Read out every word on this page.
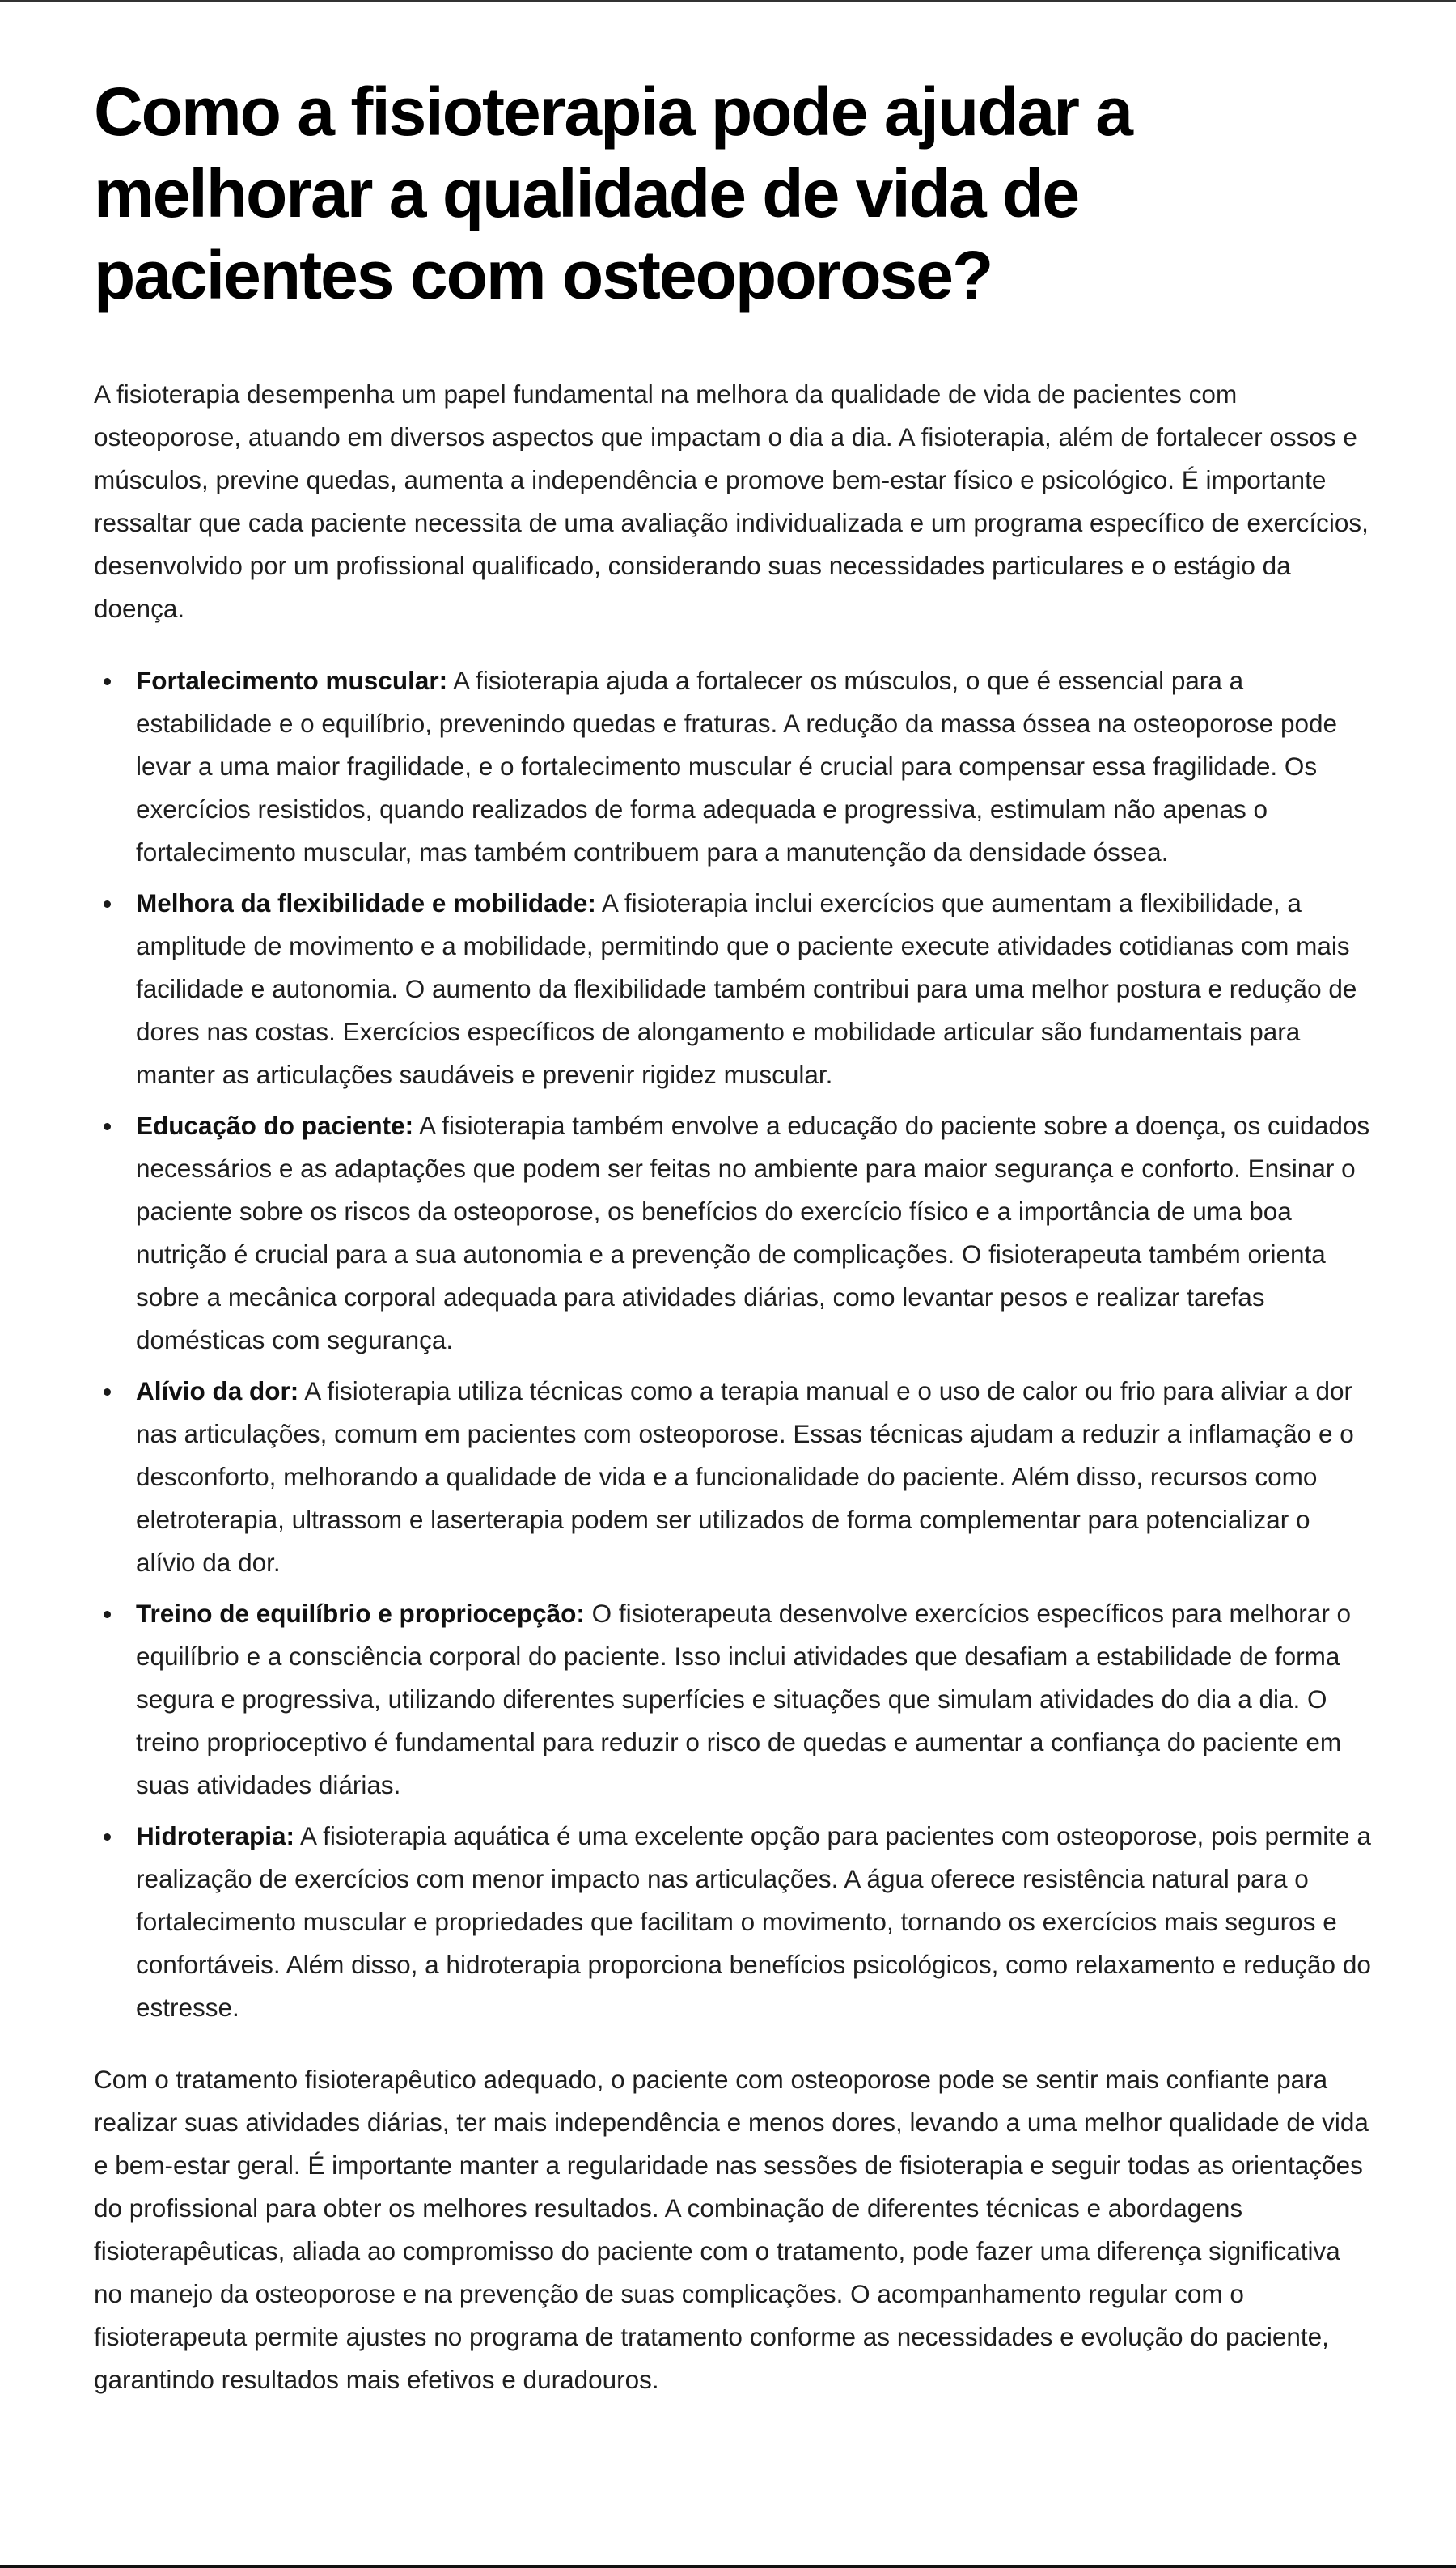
Como a fisioterapia pode ajudar a melhorar a qualidade de vida de pacientes com osteoporose?

A fisioterapia desempenha um papel fundamental na melhora da qualidade de vida de pacientes com osteoporose, atuando em diversos aspectos que impactam o dia a dia. A fisioterapia, além de fortalecer ossos e músculos, previne quedas, aumenta a independência e promove bem-estar físico e psicológico. É importante ressaltar que cada paciente necessita de uma avaliação individualizada e um programa específico de exercícios, desenvolvido por um profissional qualificado, considerando suas necessidades particulares e o estágio da doença.

Fortalecimento muscular: A fisioterapia ajuda a fortalecer os músculos, o que é essencial para a estabilidade e o equilíbrio, prevenindo quedas e fraturas. A redução da massa óssea na osteoporose pode levar a uma maior fragilidade, e o fortalecimento muscular é crucial para compensar essa fragilidade. Os exercícios resistidos, quando realizados de forma adequada e progressiva, estimulam não apenas o fortalecimento muscular, mas também contribuem para a manutenção da densidade óssea.
Melhora da flexibilidade e mobilidade: A fisioterapia inclui exercícios que aumentam a flexibilidade, a amplitude de movimento e a mobilidade, permitindo que o paciente execute atividades cotidianas com mais facilidade e autonomia. O aumento da flexibilidade também contribui para uma melhor postura e redução de dores nas costas. Exercícios específicos de alongamento e mobilidade articular são fundamentais para manter as articulações saudáveis e prevenir rigidez muscular.
Educação do paciente: A fisioterapia também envolve a educação do paciente sobre a doença, os cuidados necessários e as adaptações que podem ser feitas no ambiente para maior segurança e conforto. Ensinar o paciente sobre os riscos da osteoporose, os benefícios do exercício físico e a importância de uma boa nutrição é crucial para a sua autonomia e a prevenção de complicações. O fisioterapeuta também orienta sobre a mecânica corporal adequada para atividades diárias, como levantar pesos e realizar tarefas domésticas com segurança.
Alívio da dor: A fisioterapia utiliza técnicas como a terapia manual e o uso de calor ou frio para aliviar a dor nas articulações, comum em pacientes com osteoporose. Essas técnicas ajudam a reduzir a inflamação e o desconforto, melhorando a qualidade de vida e a funcionalidade do paciente. Além disso, recursos como eletroterapia, ultrassom e laserterapia podem ser utilizados de forma complementar para potencializar o alívio da dor.
Treino de equilíbrio e propriocepção: O fisioterapeuta desenvolve exercícios específicos para melhorar o equilíbrio e a consciência corporal do paciente. Isso inclui atividades que desafiam a estabilidade de forma segura e progressiva, utilizando diferentes superfícies e situações que simulam atividades do dia a dia. O treino proprioceptivo é fundamental para reduzir o risco de quedas e aumentar a confiança do paciente em suas atividades diárias.
Hidroterapia: A fisioterapia aquática é uma excelente opção para pacientes com osteoporose, pois permite a realização de exercícios com menor impacto nas articulações. A água oferece resistência natural para o fortalecimento muscular e propriedades que facilitam o movimento, tornando os exercícios mais seguros e confortáveis. Além disso, a hidroterapia proporciona benefícios psicológicos, como relaxamento e redução do estresse.

Com o tratamento fisioterapêutico adequado, o paciente com osteoporose pode se sentir mais confiante para realizar suas atividades diárias, ter mais independência e menos dores, levando a uma melhor qualidade de vida e bem-estar geral. É importante manter a regularidade nas sessões de fisioterapia e seguir todas as orientações do profissional para obter os melhores resultados. A combinação de diferentes técnicas e abordagens fisioterapêuticas, aliada ao compromisso do paciente com o tratamento, pode fazer uma diferença significativa no manejo da osteoporose e na prevenção de suas complicações. O acompanhamento regular com o fisioterapeuta permite ajustes no programa de tratamento conforme as necessidades e evolução do paciente, garantindo resultados mais efetivos e duradouros.
